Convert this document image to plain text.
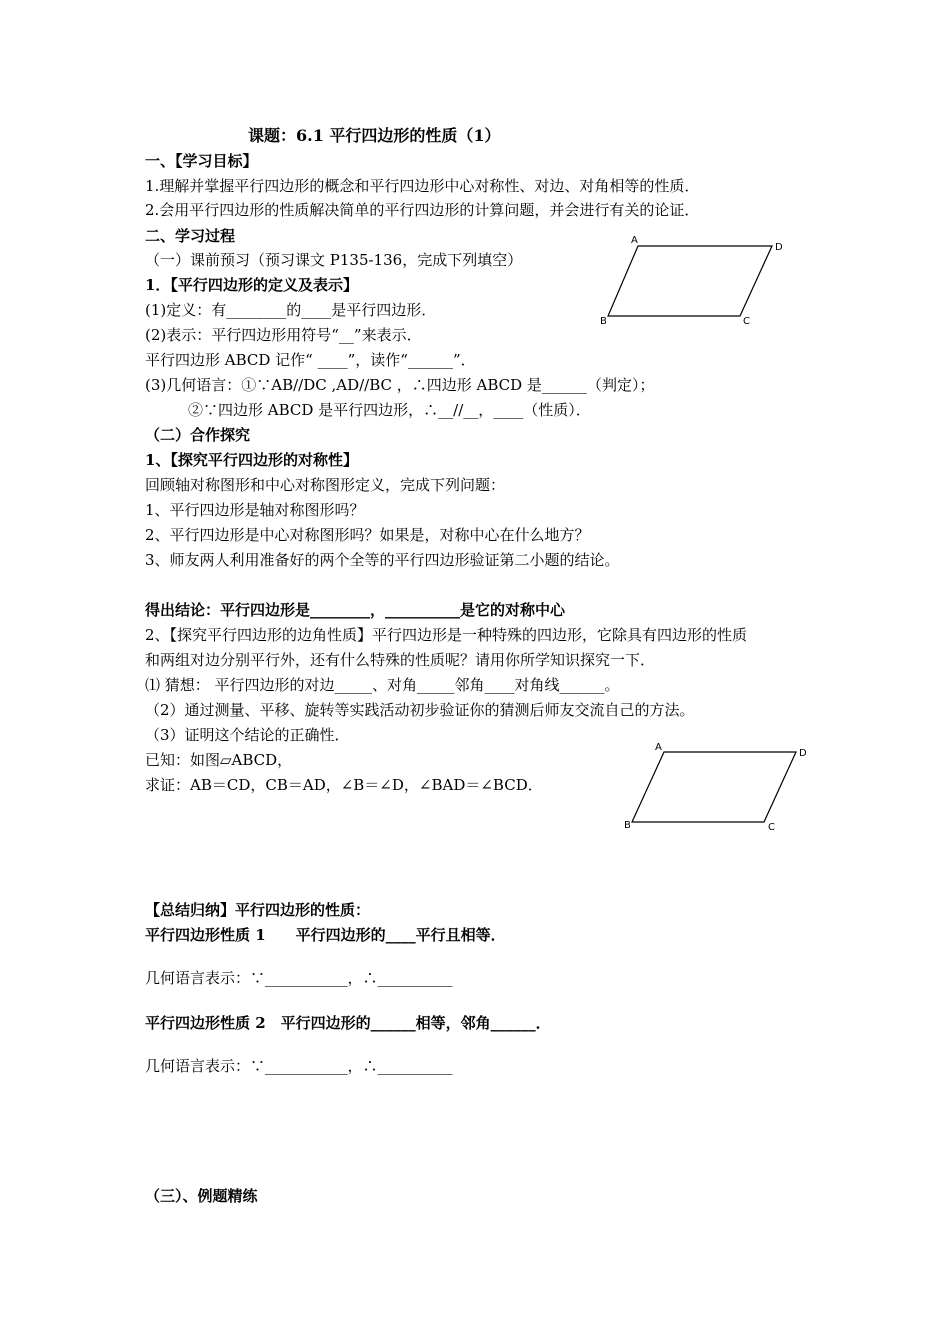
课题：6.1 平行四边形的性质（1）
一、【学习目标】
1.理解并掌握平行四边形的概念和平行四边形中心对称性、对边、对角相等的性质．
2.会用平行四边形的性质解决简单的平行四边形的计算问题，并会进行有关的论证．
二、学习过程
（一）课前预习（预习课文 P135-136，完成下列填空）
1．【平行四边形的定义及表示】
(1)定义：有________的____是平行四边形．
(2)表示：平行四边形用符号“__”来表示．
平行四边形 ABCD 记作“ ____”，读作“______”．
(3)几何语言：①∵AB//DC ,AD//BC ，∴四边形 ABCD 是______（判定）；
②∵四边形 ABCD 是平行四边形，∴__//__，____（性质）．
（二）合作探究
1、【探究平行四边形的对称性】
回顾轴对称图形和中心对称图形定义，完成下列问题：
1、平行四边形是轴对称图形吗？
2、平行四边形是中心对称图形吗？如果是，对称中心在什么地方？
3、师友两人利用准备好的两个全等的平行四边形验证第二小题的结论。
得出结论：平行四边形是________，__________是它的对称中心
2、【探究平行四边形的边角性质】平行四边形是一种特殊的四边形，它除具有四边形的性质
和两组对边分别平行外，还有什么特殊的性质呢？请用你所学知识探究一下．
⑴ 猜想： 平行四边形的对边_____、对角_____邻角____对角线______。
（2）通过测量、平移、旋转等实践活动初步验证你的猜测后师友交流自己的方法。
（3）证明这个结论的正确性．
已知：如图▱ABCD，
求证：AB＝CD，CB＝AD，∠B＝∠D，∠BAD＝∠BCD．
【总结归纳】平行四边形的性质：
平行四边形性质 1　　平行四边形的____平行且相等．
几何语言表示：∵___________，∴__________
平行四边形性质 2　平行四边形的______相等，邻角______．
几何语言表示：∵___________，∴__________
（三）、例题精练
A
D
B	C
A
D
B	C
